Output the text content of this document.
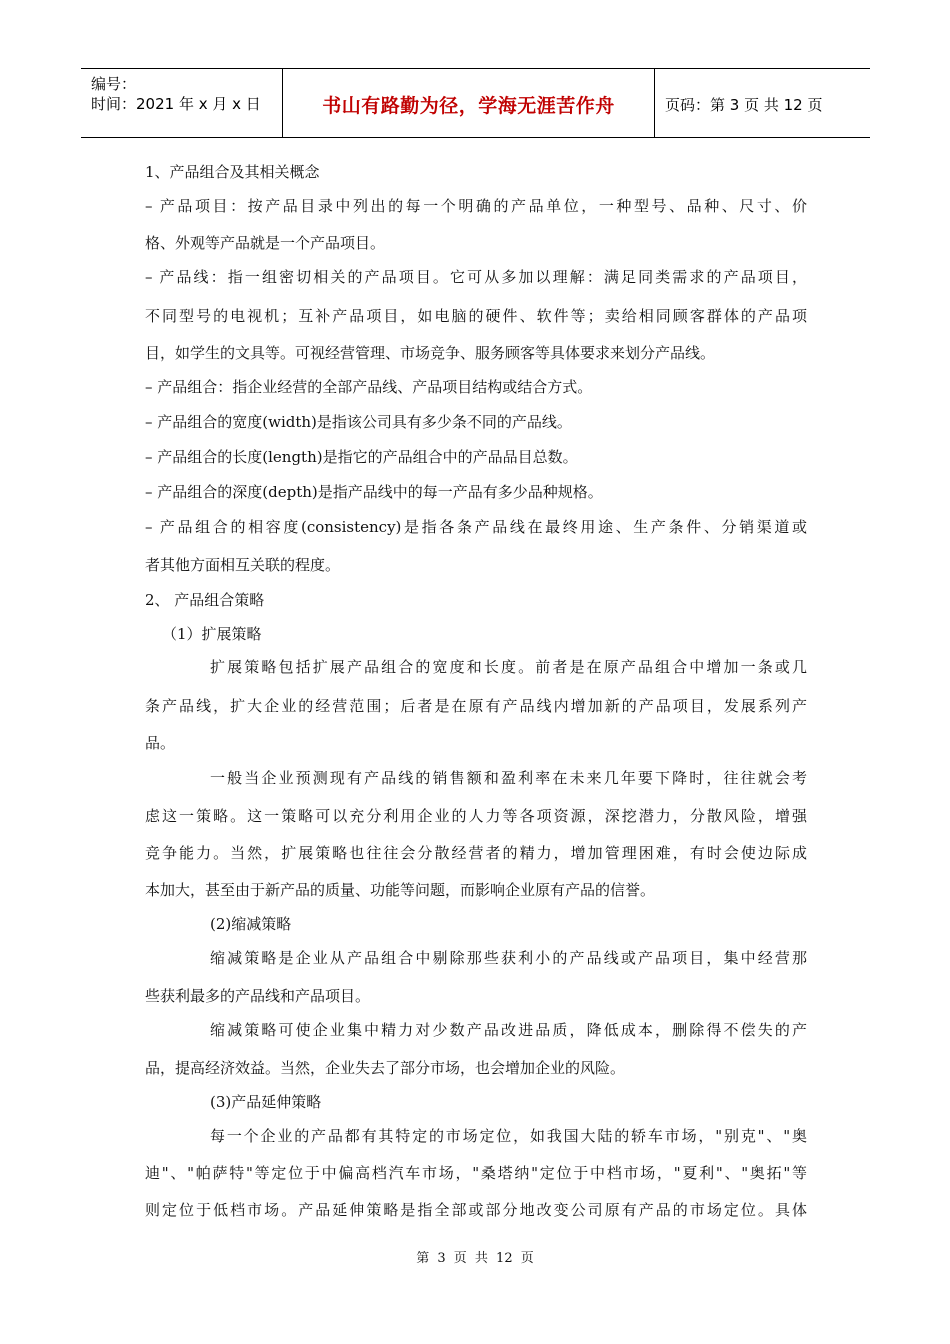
编号：
时间：2021 年 x 月 x 日	书山有路勤为径，学海无涯苦作舟	页码：第 3 页 共 12 页
1、产品组合及其相关概念
– 产品项目：按产品目录中列出的每一个明确的产品单位，一种型号、品种、尺寸、价
格、外观等产品就是一个产品项目。
– 产品线：指一组密切相关的产品项目。它可从多加以理解：满足同类需求的产品项目，
不同型号的电视机；互补产品项目，如电脑的硬件、软件等；卖给相同顾客群体的产品项
目，如学生的文具等。可视经营管理、市场竞争、服务顾客等具体要求来划分产品线。
– 产品组合：指企业经营的全部产品线、产品项目结构或结合方式。
– 产品组合的宽度(width)是指该公司具有多少条不同的产品线。
– 产品组合的长度(length)是指它的产品组合中的产品品目总数。
– 产品组合的深度(depth)是指产品线中的每一产品有多少品种规格。
– 产品组合的相容度(consistency)是指各条产品线在最终用途、生产条件、分销渠道或
者其他方面相互关联的程度。
2、 产品组合策略
（1）扩展策略
扩展策略包括扩展产品组合的宽度和长度。前者是在原产品组合中增加一条或几
条产品线，扩大企业的经营范围；后者是在原有产品线内增加新的产品项目，发展系列产
品。
一般当企业预测现有产品线的销售额和盈利率在未来几年要下降时，往往就会考
虑这一策略。这一策略可以充分利用企业的人力等各项资源，深挖潜力，分散风险，增强
竞争能力。当然，扩展策略也往往会分散经营者的精力，增加管理困难，有时会使边际成
本加大，甚至由于新产品的质量、功能等问题，而影响企业原有产品的信誉。
(2)缩减策略
缩减策略是企业从产品组合中剔除那些获利小的产品线或产品项目，集中经营那
些获利最多的产品线和产品项目。
缩减策略可使企业集中精力对少数产品改进品质，降低成本，删除得不偿失的产
品，提高经济效益。当然，企业失去了部分市场，也会增加企业的风险。
(3)产品延伸策略
每一个企业的产品都有其特定的市场定位，如我国大陆的轿车市场，"别克"、"奥
迪"、"帕萨特"等定位于中偏高档汽车市场，"桑塔纳"定位于中档市场，"夏利"、"奥拓"等
则定位于低档市场。产品延伸策略是指全部或部分地改变公司原有产品的市场定位。具体
第 3 页 共 12 页
